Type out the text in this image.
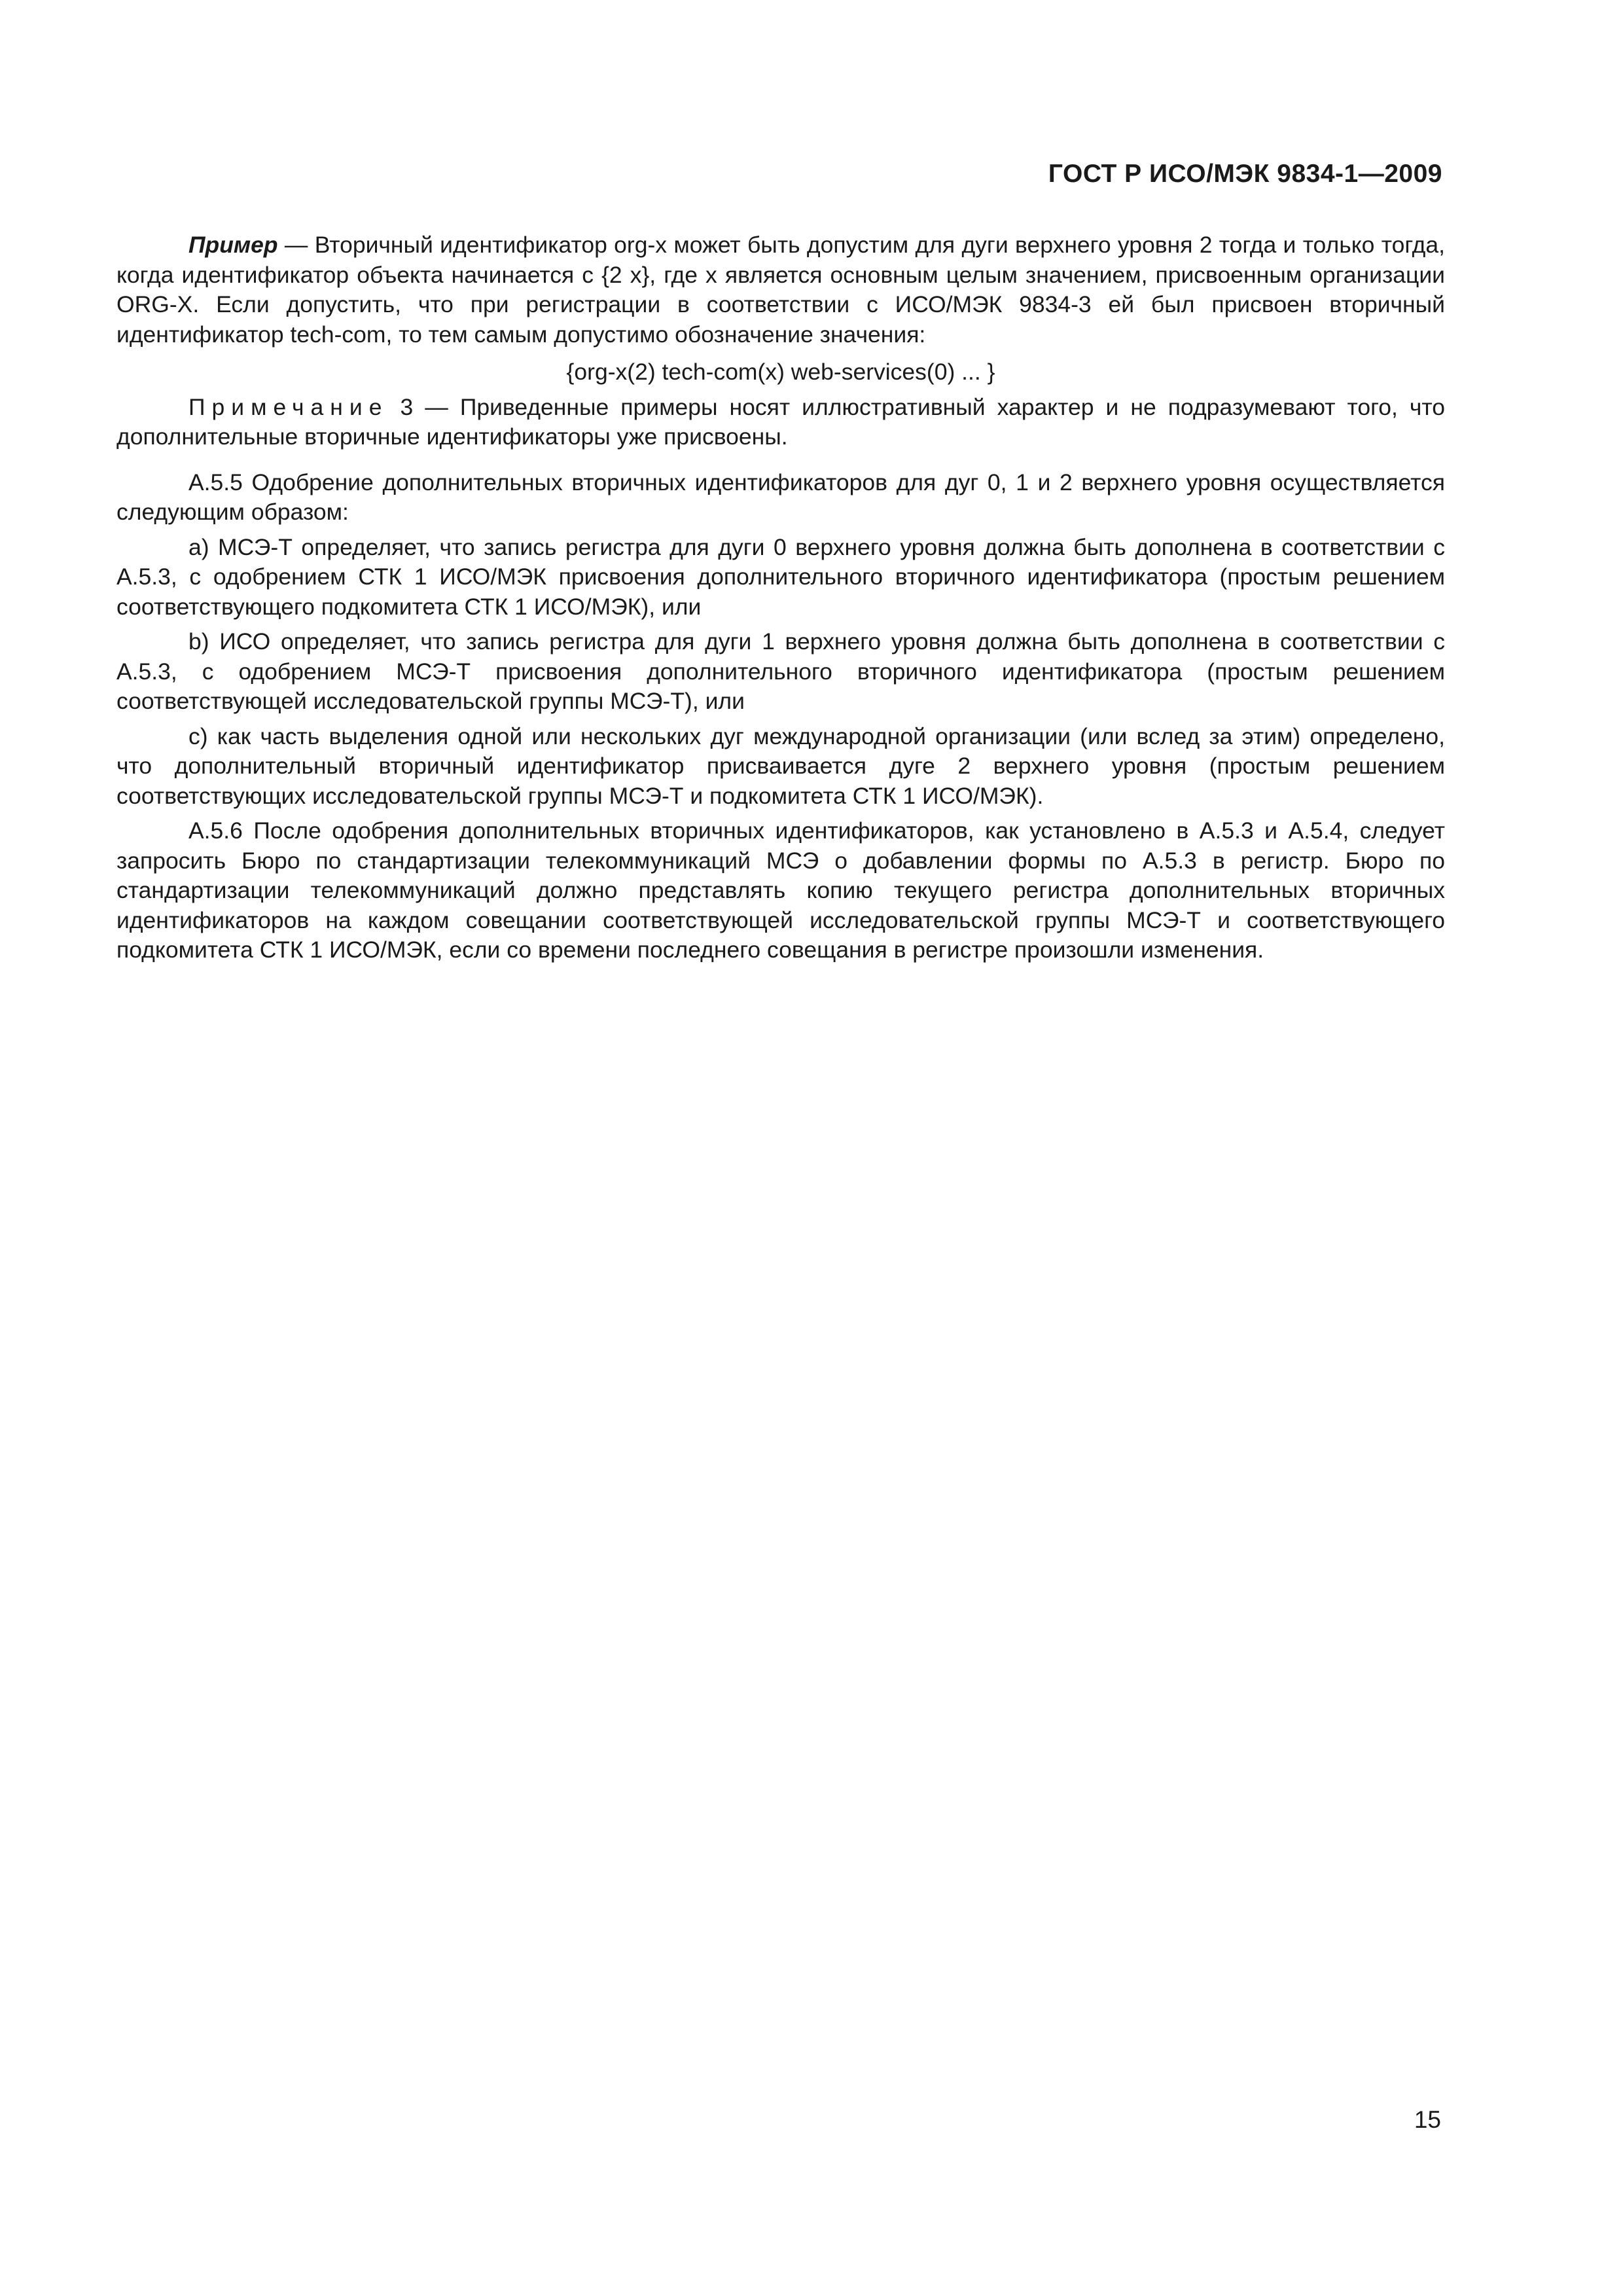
ГОСТ Р ИСО/МЭК 9834-1—2009

Пример — Вторичный идентификатор org-x может быть допустим для дуги верхнего уровня 2 тогда и только тогда, когда идентификатор объекта начинается с {2 x}, где x является основным целым значением, присвоенным организации ORG-X. Если допустить, что при регистрации в соответствии с ИСО/МЭК 9834-3 ей был присвоен вторичный идентификатор tech-com, то тем самым допустимо обозначение значения:

{org-x(2) tech-com(x) web-services(0) ... }

Примечание 3 — Приведенные примеры носят иллюстративный характер и не подразумевают того, что дополнительные вторичные идентификаторы уже присвоены.

А.5.5 Одобрение дополнительных вторичных идентификаторов для дуг 0, 1 и 2 верхнего уровня осуществляется следующим образом:

а) МСЭ-Т определяет, что запись регистра для дуги 0 верхнего уровня должна быть дополнена в соответствии с А.5.3, с одобрением СТК 1 ИСО/МЭК присвоения дополнительного вторичного идентификатора (простым решением соответствующего подкомитета СТК 1 ИСО/МЭК), или

b) ИСО определяет, что запись регистра для дуги 1 верхнего уровня должна быть дополнена в соответствии с А.5.3, с одобрением МСЭ-Т присвоения дополнительного вторичного идентификатора (простым решением соответствующей исследовательской группы МСЭ-Т), или

с) как часть выделения одной или нескольких дуг международной организации (или вслед за этим) определено, что дополнительный вторичный идентификатор присваивается дуге 2 верхнего уровня (простым решением соответствующих исследовательской группы МСЭ-Т и подкомитета СТК 1 ИСО/МЭК).

А.5.6 После одобрения дополнительных вторичных идентификаторов, как установлено в А.5.3 и А.5.4, следует запросить Бюро по стандартизации телекоммуникаций МСЭ о добавлении формы по А.5.3 в регистр. Бюро по стандартизации телекоммуникаций должно представлять копию текущего регистра дополнительных вторичных идентификаторов на каждом совещании соответствующей исследовательской группы МСЭ-Т и соответствующего подкомитета СТК 1 ИСО/МЭК, если со времени последнего совещания в регистре произошли изменения.

15
